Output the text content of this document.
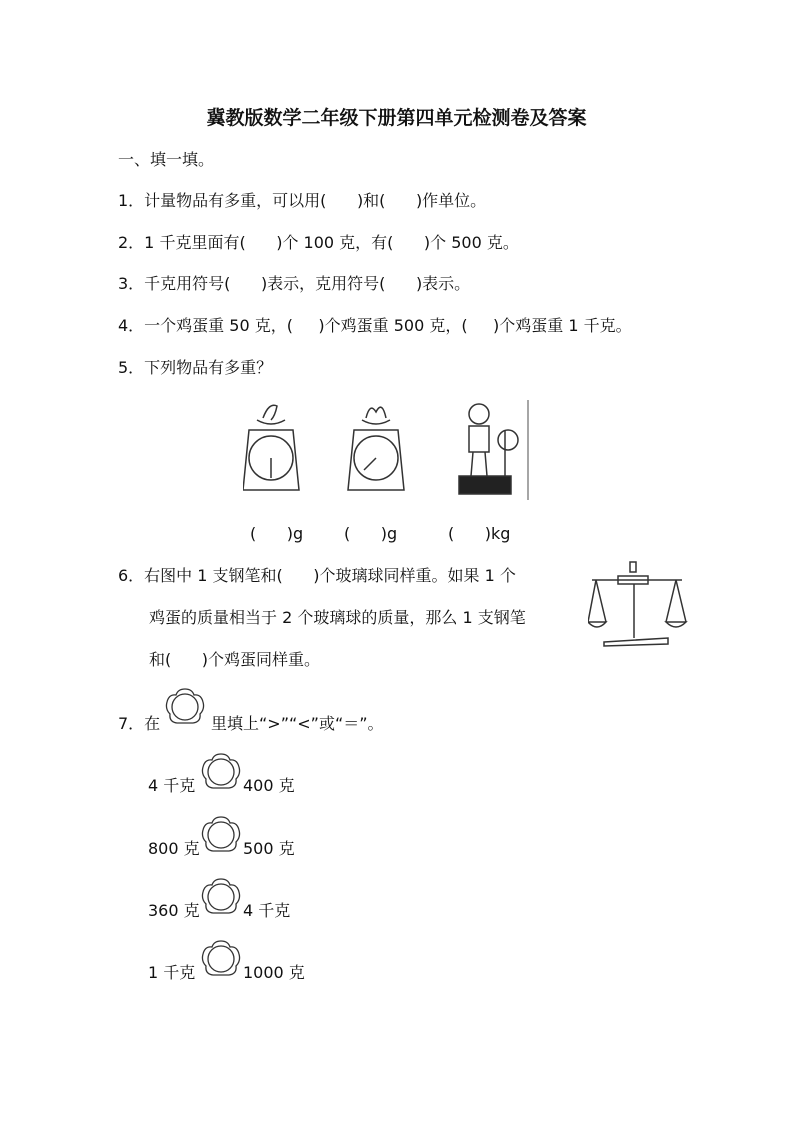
冀教版数学二年级下册第四单元检测卷及答案
一、填一填。
1．计量物品有多重，可以用(      )和(      )作单位。
2．1 千克里面有(      )个 100 克，有(      )个 500 克。
3．千克用符号(      )表示，克用符号(      )表示。
4．一个鸡蛋重 50 克，(     )个鸡蛋重 500 克，(     )个鸡蛋重 1 千克。
5．下列物品有多重？
(      )g	(      )g	(      )kg
6．右图中 1 支钢笔和(      )个玻璃球同样重。如果 1 个
鸡蛋的质量相当于 2 个玻璃球的质量，那么 1 支钢笔
和(      )个鸡蛋同样重。
7．在	里填上“>”“<”或“＝”。
4 千克	400 克
800 克	500 克
360 克	4 千克
1 千克	1000 克
